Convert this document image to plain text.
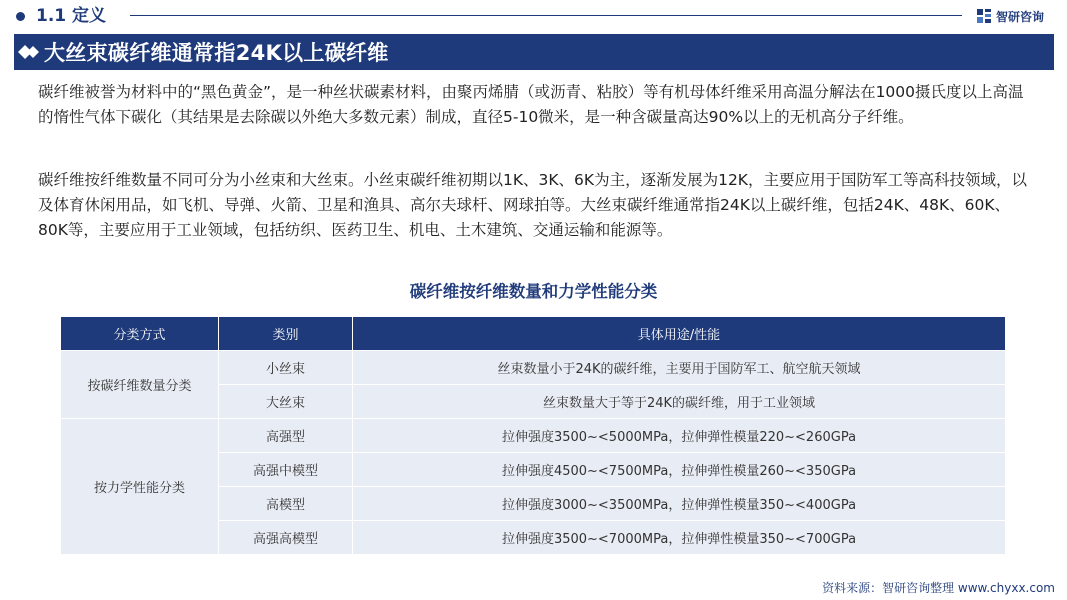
1.1 定义	智研咨询
大丝束碳纤维通常指24K以上碳纤维

碳纤维被誉为材料中的“黑色黄金”，是一种丝状碳素材料，由聚丙烯腈（或沥青、粘胶）等有机母体纤维采用高温分解法在1000摄氏度以上高温的惰性气体下碳化（其结果是去除碳以外绝大多数元素）制成，直径5-10微米，是一种含碳量高达90%以上的无机高分子纤维。

碳纤维按纤维数量不同可分为小丝束和大丝束。小丝束碳纤维初期以1K、3K、6K为主，逐渐发展为12K，主要应用于国防军工等高科技领域，以及体育休闲用品，如飞机、导弹、火箭、卫星和渔具、高尔夫球杆、网球拍等。大丝束碳纤维通常指24K以上碳纤维，包括24K、48K、60K、80K等，主要应用于工业领域，包括纺织、医药卫生、机电、土木建筑、交通运输和能源等。

碳纤维按纤维数量和力学性能分类
分类方式	类别	具体用途/性能
按碳纤维数量分类	小丝束	丝束数量小于24K的碳纤维，主要用于国防军工、航空航天领域
	大丝束	丝束数量大于等于24K的碳纤维，用于工业领域
按力学性能分类	高强型	拉伸强度3500~<5000MPa，拉伸弹性模量220~<260GPa
	高强中模型	拉伸强度4500~<7500MPa，拉伸弹性模量260~<350GPa
	高模型	拉伸强度3000~<3500MPa，拉伸弹性模量350~<400GPa
	高强高模型	拉伸强度3500~<7000MPa，拉伸弹性模量350~<700GPa
资料来源：智研咨询整理 www.chyxx.com
